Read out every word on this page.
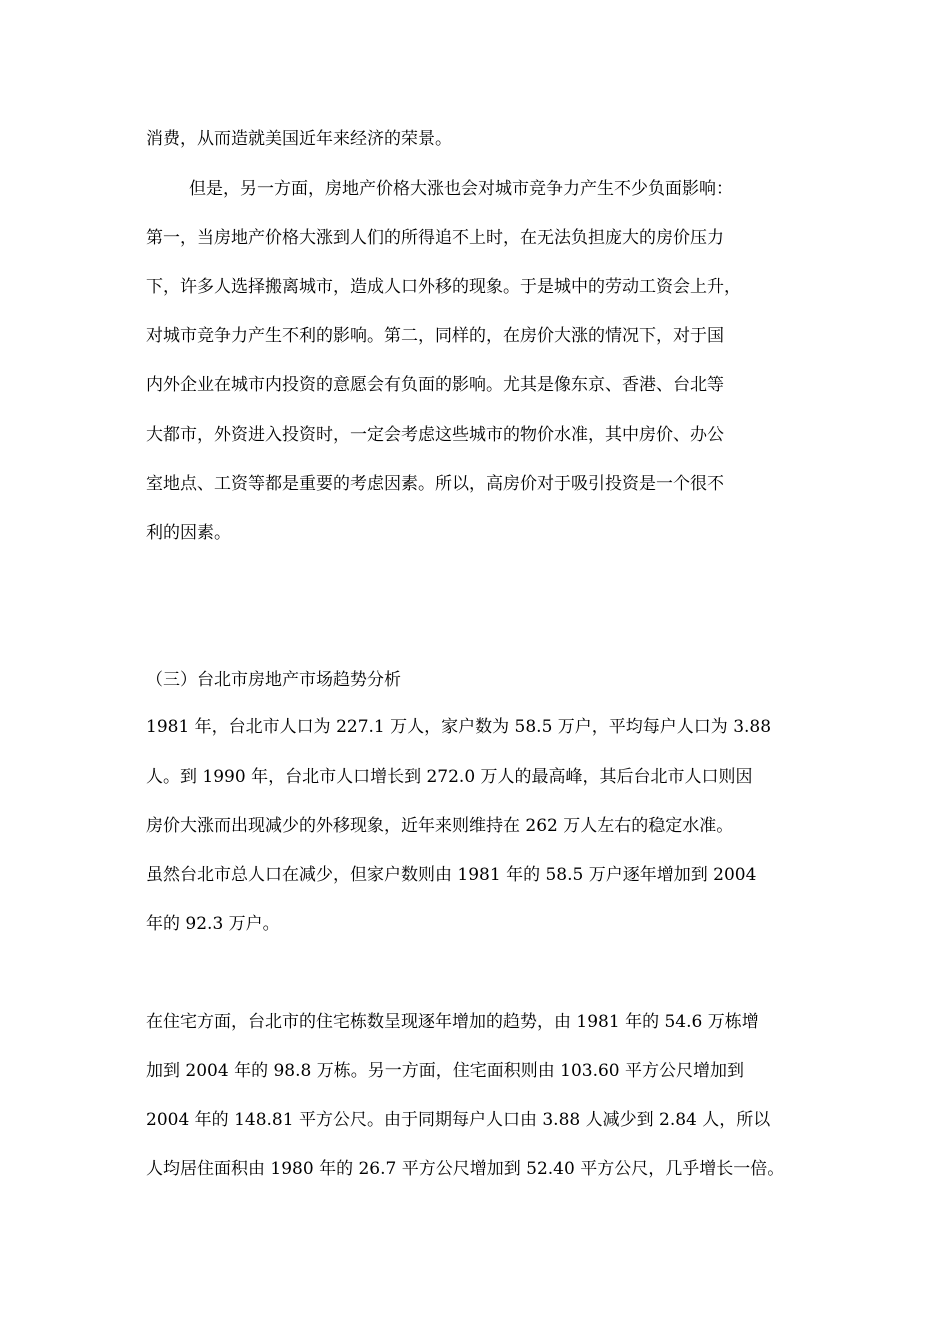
消费，从而造就美国近年来经济的荣景。
但是，另一方面，房地产价格大涨也会对城市竞争力产生不少负面影响：
第一，当房地产价格大涨到人们的所得追不上时，在无法负担庞大的房价压力
下，许多人选择搬离城市，造成人口外移的现象。于是城中的劳动工资会上升，
对城市竞争力产生不利的影响。第二，同样的，在房价大涨的情况下，对于国
内外企业在城市内投资的意愿会有负面的影响。尤其是像东京、香港、台北等
大都市，外资进入投资时，一定会考虑这些城市的物价水准，其中房价、办公
室地点、工资等都是重要的考虑因素。所以，高房价对于吸引投资是一个很不
利的因素。
（三）台北市房地产市场趋势分析
1981 年，台北市人口为 227.1 万人，家户数为 58.5 万户，平均每户人口为 3.88
人。到 1990 年，台北市人口增长到 272.0 万人的最高峰，其后台北市人口则因
房价大涨而出现减少的外移现象，近年来则维持在 262 万人左右的稳定水准。
虽然台北市总人口在减少，但家户数则由 1981 年的 58.5 万户逐年增加到 2004
年的 92.3 万户。
在住宅方面，台北市的住宅栋数呈现逐年增加的趋势，由 1981 年的 54.6 万栋增
加到 2004 年的 98.8 万栋。另一方面，住宅面积则由 103.60 平方公尺增加到
2004 年的 148.81 平方公尺。由于同期每户人口由 3.88 人减少到 2.84 人，所以
人均居住面积由 1980 年的 26.7 平方公尺增加到 52.40 平方公尺，几乎增长一倍。
